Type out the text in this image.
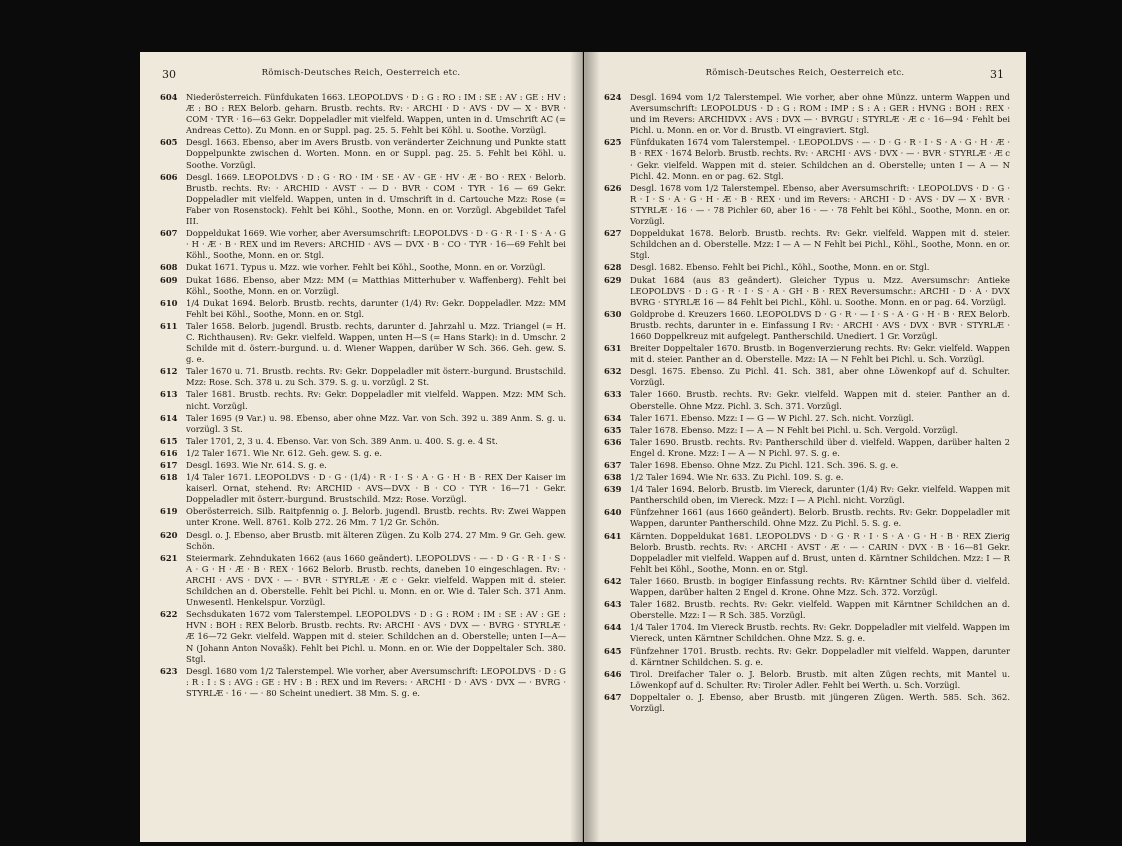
30	Römisch-Deutsches Reich, Oesterreich etc.
604	Niederösterreich. Fünfdukaten 1663. LEOPOLDVS · D : G : RO : IM : SE : AV : GE : HV : Æ : BO : REX Belorb. geharn. Brustb. rechts. Rv: · ARCHI · D · AVS · DV — X · BVR · COM · TYR · 16—63 Gekr. Doppeladler mit vielfeld. Wappen, unten in d. Umschrift AC (= Andreas Cetto). Zu Monn. en or Suppl. pag. 25. 5. Fehlt bei Köhl. u. Soothe. Vorzügl.
605	Desgl. 1663. Ebenso, aber im Avers Brustb. von veränderter Zeichnung und Punkte statt Doppelpunkte zwischen d. Worten. Monn. en or Suppl. pag. 25. 5. Fehlt bei Köhl. u. Soothe. Vorzügl.
606	Desgl. 1669. LEOPOLDVS · D : G · RO · IM · SE · AV · GE · HV · Æ · BO · REX · Belorb. Brustb. rechts. Rv: · ARCHID · AVST · — D · BVR · COM · TYR · 16 — 69 Gekr. Doppeladler mit vielfeld. Wappen, unten in d. Umschrift in d. Cartouche Mzz: Rose (= Faber von Rosenstock). Fehlt bei Köhl., Soothe, Monn. en or. Vorzügl. Abgebildet Tafel III.
607	Doppeldukat 1669. Wie vorher, aber Aversumschrift: LEOPOLDVS · D · G · R · I · S · A · G · H · Æ · B · REX und im Revers: ARCHID · AVS — DVX · B · CO · TYR · 16—69 Fehlt bei Köhl., Soothe, Monn. en or. Stgl.
608	Dukat 1671. Typus u. Mzz. wie vorher. Fehlt bei Köhl., Soothe, Monn. en or. Vorzügl.
609	Dukat 1686. Ebenso, aber Mzz: MM (= Matthias Mitterhuber v. Waffenberg). Fehlt bei Köhl., Soothe, Monn. en or. Vorzügl.
610	1/4 Dukat 1694. Belorb. Brustb. rechts, darunter (1/4) Rv: Gekr. Doppeladler. Mzz: MM Fehlt bei Köhl., Soothe, Monn. en or. Stgl.
611	Taler 1658. Belorb. jugendl. Brustb. rechts, darunter d. Jahrzahl u. Mzz. Triangel (= H. C. Richthausen). Rv: Gekr. vielfeld. Wappen, unten H—S (= Hans Stark): in d. Umschr. 2 Schilde mit d. österr.-burgund. u. d. Wiener Wappen, darüber W Sch. 366. Geh. gew. S. g. e.
612	Taler 1670 u. 71. Brustb. rechts. Rv: Gekr. Doppeladler mit österr.-burgund. Brustschild. Mzz: Rose. Sch. 378 u. zu Sch. 379. S. g. u. vorzügl. 2 St.
613	Taler 1681. Brustb. rechts. Rv: Gekr. Doppeladler mit vielfeld. Wappen. Mzz: MM Sch. nicht. Vorzügl.
614	Taler 1695 (9 Var.) u. 98. Ebenso, aber ohne Mzz. Var. von Sch. 392 u. 389 Anm. S. g. u. vorzügl. 3 St.
615	Taler 1701, 2, 3 u. 4. Ebenso. Var. von Sch. 389 Anm. u. 400. S. g. e. 4 St.
616	1/2 Taler 1671. Wie Nr. 612. Geh. gew. S. g. e.
617	Desgl. 1693. Wie Nr. 614. S. g. e.
618	1/4 Taler 1671. LEOPOLDVS · D · G · (1/4) · R · I · S · A · G · H · B · REX Der Kaiser im kaiserl. Ornat, stehend. Rv: ARCHID · AVS—DVX · B · CO · TYR · 16—71 · Gekr. Doppeladler mit österr.-burgund. Brustschild. Mzz: Rose. Vorzügl.
619	Oberösterreich. Silb. Raitpfennig o. J. Belorb. jugendl. Brustb. rechts. Rv: Zwei Wappen unter Krone. Well. 8761. Kolb 272. 26 Mm. 7 1/2 Gr. Schön.
620	Desgl. o. J. Ebenso, aber Brustb. mit älteren Zügen. Zu Kolb 274. 27 Mm. 9 Gr. Geh. gew. Schön.
621	Steiermark. Zehndukaten 1662 (aus 1660 geändert). LEOPOLDVS · — · D · G · R · I · S · A · G · H · Æ · B · REX · 1662 Belorb. Brustb. rechts, daneben 10 eingeschlagen. Rv: · ARCHI · AVS · DVX · — · BVR · STYRLÆ · Æ c · Gekr. vielfeld. Wappen mit d. steier. Schildchen an d. Oberstelle. Fehlt bei Pichl. u. Monn. en or. Wie d. Taler Sch. 371 Anm. Unwesentl. Henkelspur. Vorzügl.
622	Sechsdukaten 1672 vom Talerstempel. LEOPOLDVS · D : G : ROM : IM : SE : AV : GE : HVN : BOH : REX Belorb. Brustb. rechts. Rv: ARCHI · AVS · DVX — · BVRG · STYRLÆ · Æ 16—72 Gekr. vielfeld. Wappen mit d. steier. Schildchen an d. Oberstelle; unten I—A—N (Johann Anton Novašk). Fehlt bei Pichl. u. Monn. en or. Wie der Doppeltaler Sch. 380. Stgl.
623	Desgl. 1680 vom 1/2 Talerstempel. Wie vorher, aber Aversumschrift: LEOPOLDVS · D : G : R : I : S : AVG : GE : HV : B : REX und im Revers: · ARCHI · D · AVS · DVX — · BVRG · STYRLÆ · 16 · — · 80 Scheint unediert. 38 Mm. S. g. e.
Römisch-Deutsches Reich, Oesterreich etc.	31
624	Desgl. 1694 vom 1/2 Talerstempel. Wie vorher, aber ohne Münzz. unterm Wappen und Aversumschrift: LEOPOLDUS · D : G : ROM : IMP : S : A : GER : HVNG : BOH : REX · und im Revers: ARCHIDVX : AVS : DVX — · BVRGU : STYRLÆ · Æ c · 16—94 · Fehlt bei Pichl. u. Monn. en or. Vor d. Brustb. VI eingraviert. Stgl.
625	Fünfdukaten 1674 vom Talerstempel. · LEOPOLDVS · — · D · G · R · I · S · A · G · H · Æ · B · REX · 1674 Belorb. Brustb. rechts. Rv: · ARCHI · AVS · DVX · — · BVR · STYRLÆ · Æ c · Gekr. vielfeld. Wappen mit d. steier. Schildchen an d. Oberstelle; unten I — A — N Pichl. 42. Monn. en or pag. 62. Stgl.
626	Desgl. 1678 vom 1/2 Talerstempel. Ebenso, aber Aversumschrift: · LEOPOLDVS · D · G · R · I · S · A · G · H · Æ · B · REX · und im Revers: · ARCHI · D · AVS · DV — X · BVR · STYRLÆ · 16 · — · 78 Pichler 60, aber 16 · — · 78 Fehlt bei Köhl., Soothe, Monn. en or. Vorzügl.
627	Doppeldukat 1678. Belorb. Brustb. rechts. Rv: Gekr. vielfeld. Wappen mit d. steier. Schildchen an d. Oberstelle. Mzz: I — A — N Fehlt bei Pichl., Köhl., Soothe, Monn. en or. Stgl.
628	Desgl. 1682. Ebenso. Fehlt bei Pichl., Köhl., Soothe, Monn. en or. Stgl.
629	Dukat 1684 (aus 83 geändert). Gleicher Typus u. Mzz. Aversumschr: Antieke LEOPOLDVS · D : G · R · I · S · A · GH · B · REX Reversumschr.: ARCHI · D · A · DVX BVRG · STYRLÆ 16 — 84 Fehlt bei Pichl., Köhl. u. Soothe. Monn. en or pag. 64. Vorzügl.
630	Goldprobe d. Kreuzers 1660. LEOPOLDVS D · G · R · — I · S · A · G · H · B · REX Belorb. Brustb. rechts, darunter in e. Einfassung I Rv: · ARCHI · AVS · DVX · BVR · STYRLÆ · 1660 Doppelkreuz mit aufgelegt. Pantherschild. Unediert. 1 Gr. Vorzügl.
631	Breiter Doppeltaler 1670. Brustb. in Bogenverzierung rechts. Rv: Gekr. vielfeld. Wappen mit d. steier. Panther an d. Oberstelle. Mzz: IA — N Fehlt bei Pichl. u. Sch. Vorzügl.
632	Desgl. 1675. Ebenso. Zu Pichl. 41. Sch. 381, aber ohne Löwenkopf auf d. Schulter. Vorzügl.
633	Taler 1660. Brustb. rechts. Rv: Gekr. vielfeld. Wappen mit d. steier. Panther an d. Oberstelle. Ohne Mzz. Pichl. 3. Sch. 371. Vorzügl.
634	Taler 1671. Ebenso. Mzz: I — G — W Pichl. 27. Sch. nicht. Vorzügl.
635	Taler 1678. Ebenso. Mzz: I — A — N Fehlt bei Pichl. u. Sch. Vergold. Vorzügl.
636	Taler 1690. Brustb. rechts. Rv: Pantherschild über d. vielfeld. Wappen, darüber halten 2 Engel d. Krone. Mzz: I — A — N Pichl. 97. S. g. e.
637	Taler 1698. Ebenso. Ohne Mzz. Zu Pichl. 121. Sch. 396. S. g. e.
638	1/2 Taler 1694. Wie Nr. 633. Zu Pichl. 109. S. g. e.
639	1/4 Taler 1694. Belorb. Brustb. im Viereck, darunter (1/4) Rv: Gekr. vielfeld. Wappen mit Pantherschild oben, im Viereck. Mzz: I — A Pichl. nicht. Vorzügl.
640	Fünfzehner 1661 (aus 1660 geändert). Belorb. Brustb. rechts. Rv: Gekr. Doppeladler mit Wappen, darunter Pantherschild. Ohne Mzz. Zu Pichl. 5. S. g. e.
641	Kärnten. Doppeldukat 1681. LEOPOLDVS · D · G · R · I · S · A · G · H · B · REX Zierig Belorb. Brustb. rechts. Rv: · ARCHI · AVST · Æ · — · CARIN · DVX · B · 16—81 Gekr. Doppeladler mit vielfeld. Wappen auf d. Brust, unten d. Kärntner Schildchen. Mzz: I — R Fehlt bei Köhl., Soothe, Monn. en or. Stgl.
642	Taler 1660. Brustb. in bogiger Einfassung rechts. Rv: Kärntner Schild über d. vielfeld. Wappen, darüber halten 2 Engel d. Krone. Ohne Mzz. Sch. 372. Vorzügl.
643	Taler 1682. Brustb. rechts. Rv: Gekr. vielfeld. Wappen mit Kärntner Schildchen an d. Oberstelle. Mzz: I — R Sch. 385. Vorzügl.
644	1/4 Taler 1704. Im Viereck Brustb. rechts. Rv: Gekr. Doppeladler mit vielfeld. Wappen im Viereck, unten Kärntner Schildchen. Ohne Mzz. S. g. e.
645	Fünfzehner 1701. Brustb. rechts. Rv: Gekr. Doppeladler mit vielfeld. Wappen, darunter d. Kärntner Schildchen. S. g. e.
646	Tirol. Dreifacher Taler o. J. Belorb. Brustb. mit alten Zügen rechts, mit Mantel u. Löwenkopf auf d. Schulter. Rv: Tiroler Adler. Fehlt bei Werth. u. Sch. Vorzügl.
647	Doppeltaler o. J. Ebenso, aber Brustb. mit jüngeren Zügen. Werth. 585. Sch. 362. Vorzügl.
